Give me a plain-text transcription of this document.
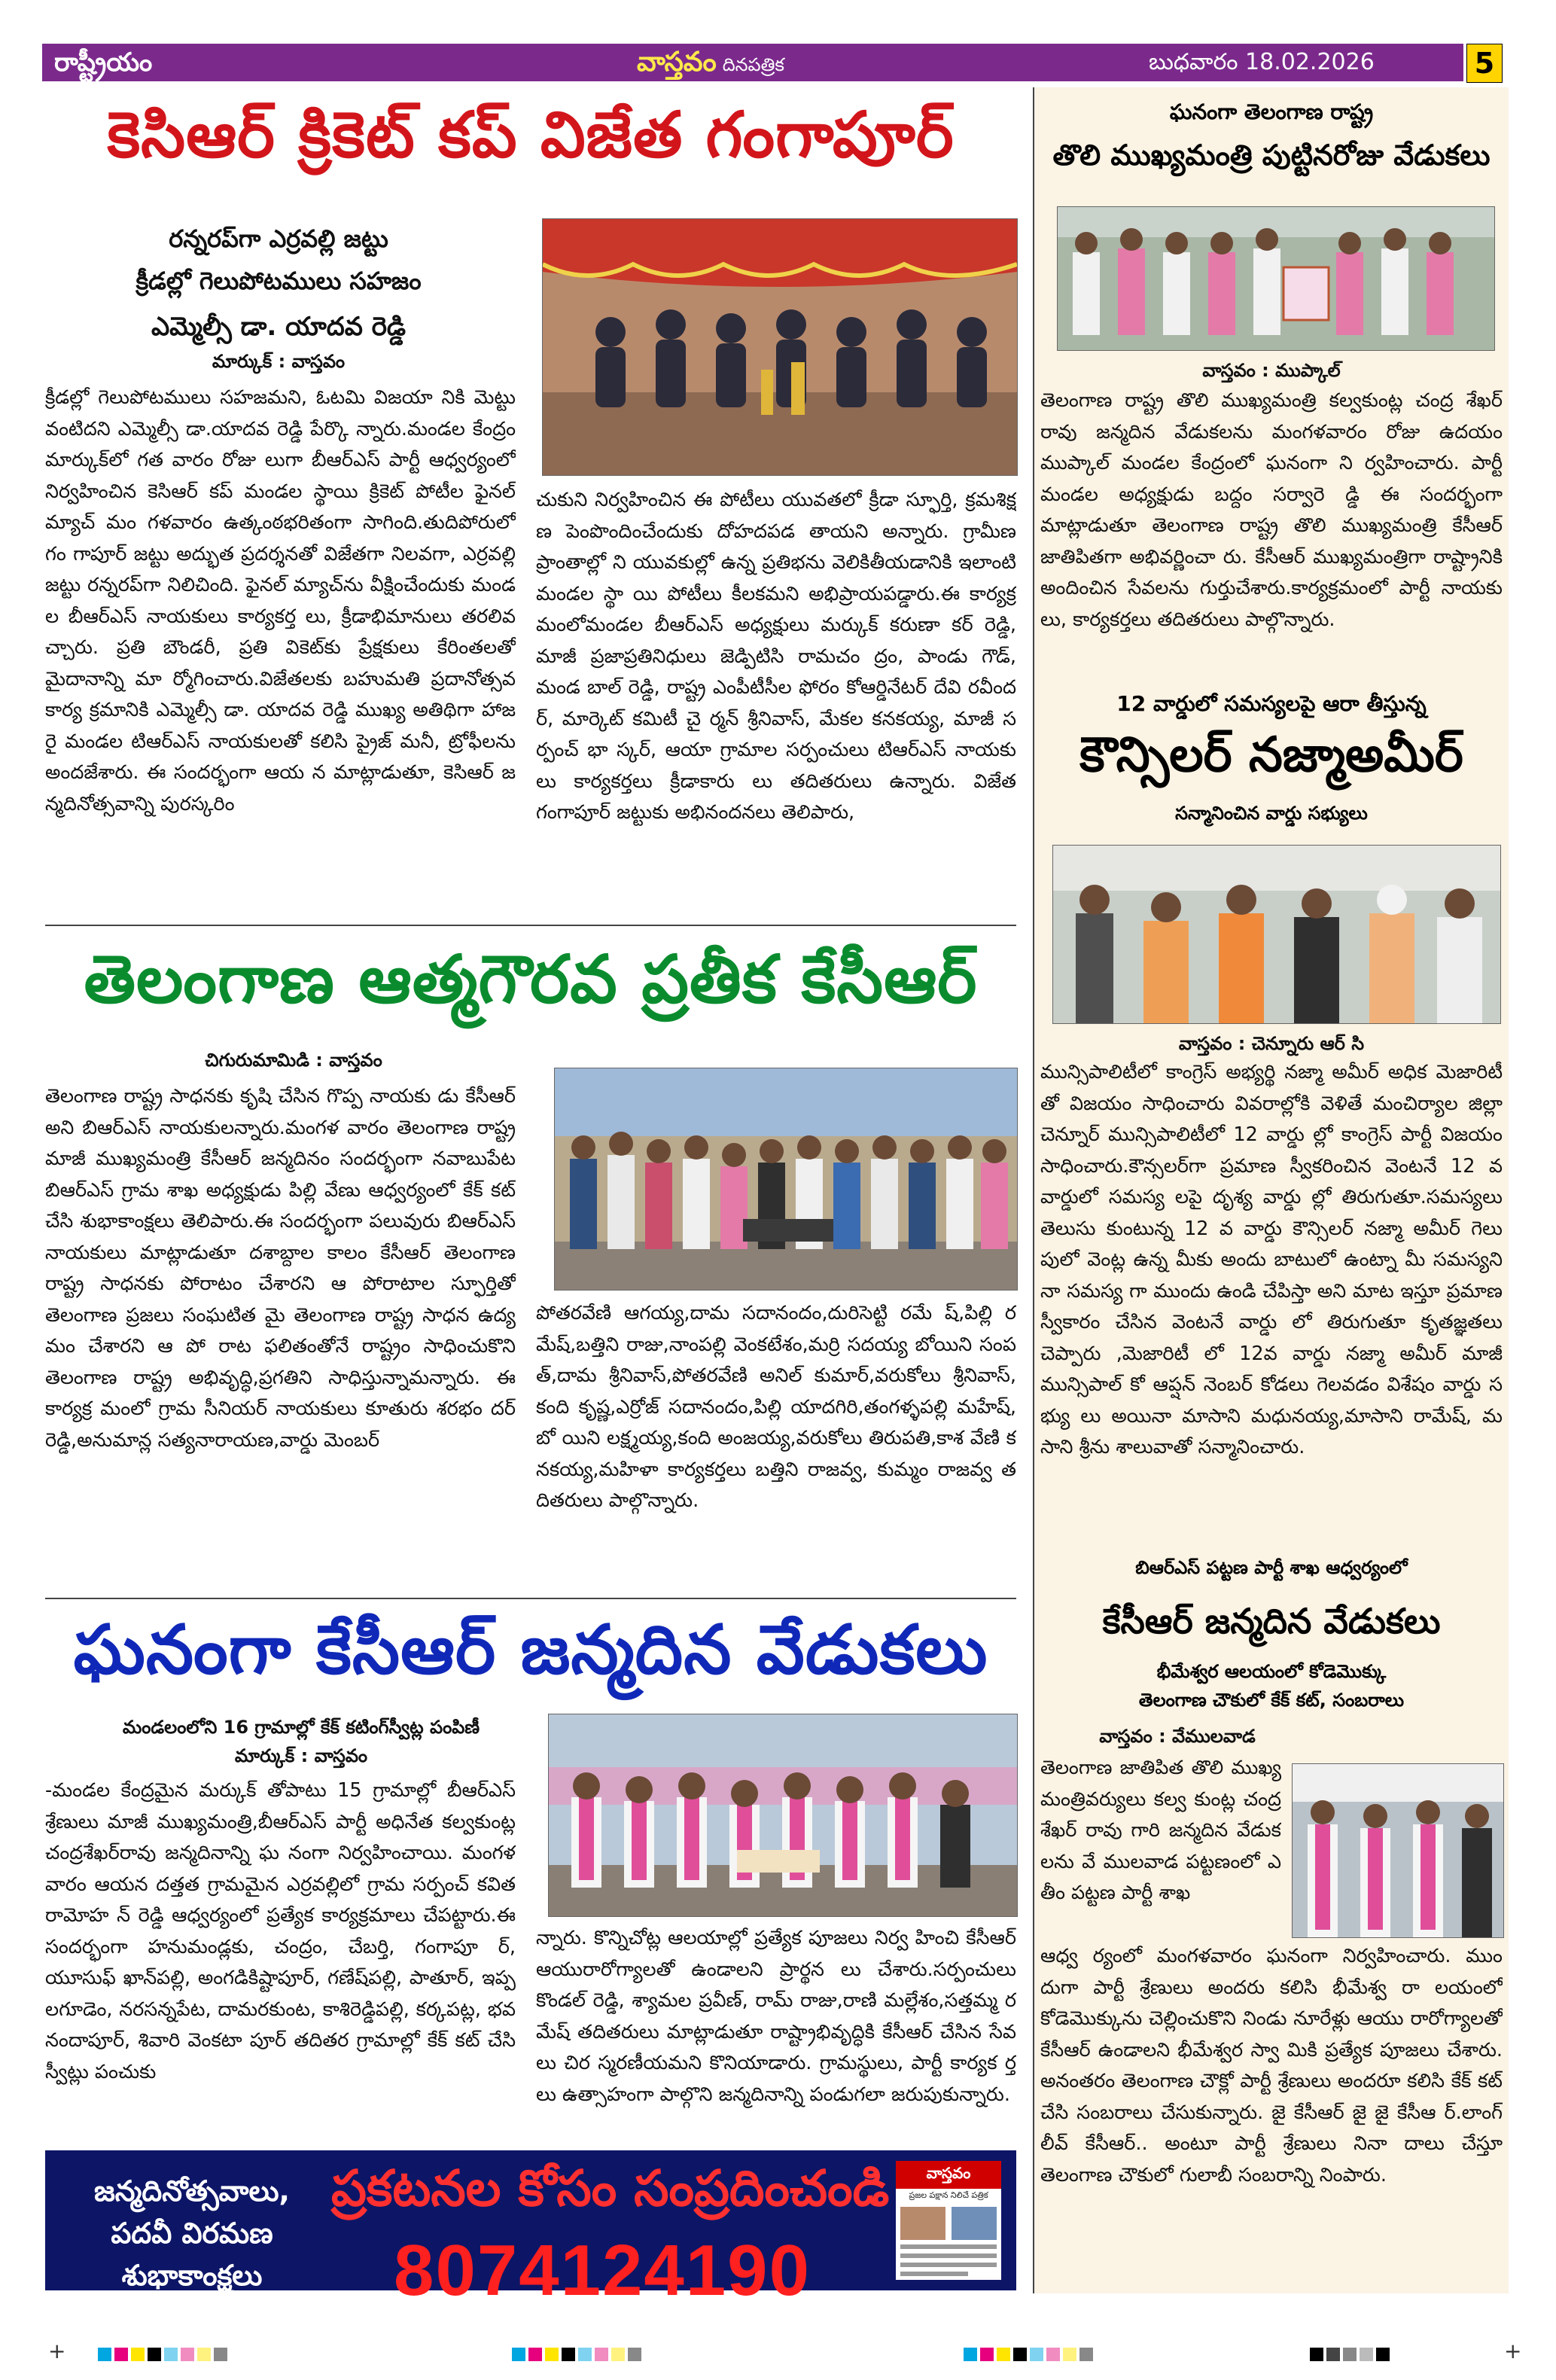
రాష్ట్రీయం	వాస్తవం దినపత్రిక	బుధవారం 18.02.2026	5
కెసిఆర్ క్రికెట్ కప్ విజేత గంగాపూర్
రన్నరప్‌గా ఎర్రవల్లి జట్టు
క్రీడల్లో గెలుపోటములు సహజం
ఎమ్మెల్సీ డా. యాదవ రెడ్డి
మార్కుక్ : వాస్తవం
క్రీడల్లో గెలుపోటములు సహజమని, ఓటమి విజయా నికి మెట్టు వంటిదని ఎమ్మెల్సీ డా.యాదవ రెడ్డి పేర్కొ న్నారు.మండల కేంద్రం మార్కుక్‌లో గత వారం రోజు లుగా బీఆర్ఎస్ పార్టీ ఆధ్వర్యంలో నిర్వహించిన కెసిఆర్ కప్ మండల స్థాయి క్రికెట్ పోటీల ఫైనల్ మ్యాచ్ మం గళవారం ఉత్కంఠభరితంగా సాగింది.తుదిపోరులో గం గాపూర్ జట్టు అద్భుత ప్రదర్శనతో విజేతగా నిలవగా, ఎర్రవల్లి జట్టు రన్నరప్‌గా నిలిచింది. ఫైనల్ మ్యాచ్‌ను వీక్షించేందుకు మండల బీఆర్ఎస్ నాయకులు కార్యకర్త లు, క్రీడాభిమానులు తరలివచ్చారు. ప్రతి బౌండరీ, ప్రతి వికెట్‌కు ప్రేక్షకులు కేరింతలతో మైదానాన్ని మా ర్మోగించారు.విజేతలకు బహుమతి ప్రదానోత్సవ కార్య క్రమానికి ఎమ్మెల్సీ డా. యాదవ రెడ్డి ముఖ్య అతిథిగా హాజరై మండల టిఆర్ఎస్ నాయకులతో కలిసి ప్రైజ్ మనీ, ట్రోఫీలను అందజేశారు. ఈ సందర్భంగా ఆయ న మాట్లాడుతూ, కెసిఆర్ జన్మదినోత్సవాన్ని పురస్కరిం
చుకుని నిర్వహించిన ఈ పోటీలు యువతలో క్రీడా స్ఫూర్తి, క్రమశిక్షణ పెంపొందించేందుకు దోహదపడ తాయని అన్నారు. గ్రామీణ ప్రాంతాల్లో ని యువకుల్లో ఉన్న ప్రతిభను వెలికితీయడానికి ఇలాంటి మండల స్థా యి పోటీలు కీలకమని అభిప్రాయపడ్డారు.ఈ కార్యక్ర మంలోమండల బీఆర్ఎస్ అధ్యక్షులు మర్కుక్ కరుణా కర్ రెడ్డి, మాజీ ప్రజాప్రతినిధులు జెడ్పిటిసి రామచం ద్రం, పాండు గౌడ్, మండ బాల్ రెడ్డి, రాష్ట్ర ఎంపీటీసీల ఫోరం కోఆర్డినేటర్ దేవి రవీందర్, మార్కెట్ కమిటీ చై ర్మన్ శ్రీనివాస్, మేకల కనకయ్య, మాజీ సర్పంచ్ భా స్కర్, ఆయా గ్రామాల సర్పంచులు టిఆర్ఎస్ నాయకు లు కార్యకర్తలు క్రీడాకారు లు తదితరులు ఉన్నారు. విజేత గంగాపూర్ జట్టుకు అభినందనలు తెలిపారు,
తెలంగాణ ఆత్మగౌరవ ప్రతీక కేసీఆర్
చిగురుమామిడి : వాస్తవం
తెలంగాణ రాష్ట్ర సాధనకు కృషి చేసిన గొప్ప నాయకు డు కేసీఆర్ అని బిఆర్ఎస్ నాయకులన్నారు.మంగళ వారం తెలంగాణ రాష్ట్ర మాజీ ముఖ్యమంత్రి కేసీఆర్ జన్మదినం సందర్భంగా నవాబుపేట బిఆర్ఎస్ గ్రామ శాఖ అధ్యక్షుడు పిల్లి వేణు ఆధ్వర్యంలో కేక్ కట్ చేసి శుభాకాంక్షలు తెలిపారు.ఈ సందర్భంగా పలువురు బిఆర్ఎస్ నాయకులు మాట్లాడుతూ దశాబ్దాల కాలం కేసీఆర్ తెలంగాణ రాష్ట్ర సాధనకు పోరాటం చేశారని ఆ పోరాటాల స్ఫూర్తితో తెలంగాణ ప్రజలు సంఘటిత మై తెలంగాణ రాష్ట్ర సాధన ఉద్యమం చేశారని ఆ పో రాట ఫలితంతోనే రాష్ట్రం సాధించుకొని తెలంగాణ రాష్ట్ర అభివృద్ధి,ప్రగతిని సాధిస్తున్నామన్నారు. ఈ కార్యక్ర మంలో గ్రామ సీనియర్ నాయకులు కూతురు శరభం దర్ రెడ్డి,అనుమాన్ల సత్యనారాయణ,వార్డు మెంబర్
పోతరవేణి ఆగయ్య,దామ సదానందం,దురిసెట్టి రమే ష్,పిల్లి రమేష్,బత్తిని రాజు,నాంపల్లి వెంకటేశం,మర్రి సదయ్య బోయిని సంపత్,దామ శ్రీనివాస్,పోతరవేణి అనిల్ కుమార్,వరుకోలు శ్రీనివాస్,కంది కృష్ణ,ఎర్రోజ్ సదానందం,పిల్లి యాదగిరి,తంగళ్ళపల్లి మహేష్,బో యిని లక్ష్మయ్య,కంది అంజయ్య,వరుకోలు తిరుపతి,కాశ వేణి కనకయ్య,మహిళా కార్యకర్తలు బత్తిని రాజవ్వ, కుమ్మం రాజవ్వ తదితరులు పాల్గొన్నారు.
ఘనంగా కేసీఆర్ జన్మదిన వేడుకలు
మండలంలోని 16 గ్రామాల్లో కేక్ కటింగ్‌స్వీట్ల పంపిణీ
మార్కుక్ : వాస్తవం
-మండల కేంద్రమైన మర్కుక్ తోపాటు 15 గ్రామాల్లో బీఆర్ఎస్ శ్రేణులు మాజీ ముఖ్యమంత్రి,బీఆర్ఎస్ పార్టీ అధినేత కల్వకుంట్ల చంద్రశేఖర్‌రావు జన్మదినాన్ని ఘ నంగా నిర్వహించాయి. మంగళవారం ఆయన దత్తత గ్రామమైన ఎర్రవల్లిలో గ్రామ సర్పంచ్ కవిత రామోహ న్ రెడ్డి ఆధ్వర్యంలో ప్రత్యేక కార్యక్రమాలు చేపట్టారు.ఈ సందర్భంగా హనుమండ్లకు, చంద్రం, చేబర్తి, గంగాపూ ర్, యూసుఫ్ ఖాన్‌పల్లి, అంగడికిష్టాపూర్, గణేష్‌పల్లి, పాతూర్, ఇప్పలగూడెం, నరసన్నపేట, దామరకుంట, కాశిరెడ్డిపల్లి, కర్కపట్ల, భవనందాపూర్, శివారి వెంకటా పూర్ తదితర గ్రామాల్లో కేక్ కట్ చేసి స్వీట్లు పంచుకు
న్నారు. కొన్నిచోట్ల ఆలయాల్లో ప్రత్యేక పూజలు నిర్వ హించి కేసీఆర్ ఆయురారోగ్యాలతో ఉండాలని ప్రార్థన లు చేశారు.సర్పంచులు కొండల్ రెడ్డి, శ్యామల ప్రవీణ్, రామ్ రాజు,రాణి మల్లేశం,సత్తమ్మ రమేష్ తదితరులు మాట్లాడుతూ రాష్ట్రాభివృద్ధికి కేసీఆర్ చేసిన సేవలు చిర స్మరణీయమని కొనియాడారు. గ్రామస్థులు, పార్టీ కార్యక ర్తలు ఉత్సాహంగా పాల్గొని జన్మదినాన్ని పండుగలా జరుపుకున్నారు.
ఘనంగా తెలంగాణ రాష్ట్ర
తొలి ముఖ్యమంత్రి పుట్టినరోజు వేడుకలు
వాస్తవం : ముప్కాల్
తెలంగాణ రాష్ట్ర తొలి ముఖ్యమంత్రి కల్వకుంట్ల చంద్ర శేఖర్ రావు జన్మదిన వేడుకలను మంగళవారం రోజు ఉదయం ముప్కాల్ మండల కేంద్రంలో ఘనంగా ని ర్వహించారు. పార్టీ మండల అధ్యక్షుడు బద్దం సర్వారె డ్డి ఈ సందర్భంగా మాట్లాడుతూ తెలంగాణ రాష్ట్ర తొలి ముఖ్యమంత్రి కేసీఆర్ జాతిపితగా అభివర్ణించా రు. కేసీఆర్ ముఖ్యమంత్రిగా రాష్ట్రానికి అందించిన సేవలను గుర్తుచేశారు.కార్యక్రమంలో పార్టీ నాయకు లు, కార్యకర్తలు తదితరులు పాల్గొన్నారు.
12 వార్డులో సమస్యలపై ఆరా తీస్తున్న
కౌన్సిలర్ నజ్మాఅమీర్
సన్మానించిన వార్డు సభ్యులు
వాస్తవం : చెన్నూరు ఆర్ సి
మున్సిపాలిటీలో కాంగ్రెస్ అభ్యర్థి నజ్మా అమీర్ అధిక మెజారిటీ తో విజయం సాధించారు వివరాల్లోకి వెళితే మంచిర్యాల జిల్లా చెన్నూర్ మున్సిపాలిటీలో 12 వార్డు ల్లో కాంగ్రెస్ పార్టీ విజయం సాధించారు.కౌన్సలర్‌గా ప్రమాణ స్వీకరించిన వెంటనే 12 వ వార్డులో సమస్య లపై దృశ్య వార్డు ల్లో తిరుగుతూ.సమస్యలు తెలుసు కుంటున్న 12 వ వార్డు కౌన్సిలర్ నజ్మా అమీర్ గెలు పులో వెంట్ల ఉన్న మీకు అందు బాటులో ఉంట్నా మీ సమస్యని నా సమస్య గా ముందు ఉండి చేపిస్తా అని మాట ఇస్తూ ప్రమాణ స్వీకారం చేసిన వెంటనే వార్డు లో తిరుగుతూ కృతజ్ఞతలు చెప్పారు ,మెజారిటీ లో 12వ వార్డు నజ్మా అమీర్ మాజీ మున్సిపాల్ కో ఆప్షన్ నెంబర్ కోడలు గెలవడం విశేషం వార్డు సభ్యు లు అయినా మాసాని మధునయ్య,మాసాని రామేష్, మసాని శ్రీను శాలువాతో సన్మానించారు.
బిఆర్ఎస్ పట్టణ పార్టీ శాఖ ఆధ్వర్యంలో
కేసీఆర్ జన్మదిన వేడుకలు
భీమేశ్వర ఆలయంలో కోడెమొక్కు
తెలంగాణ చౌకులో కేక్ కట్, సంబరాలు
వాస్తవం : వేములవాడ
తెలంగాణ జాతిపిత తొలి ముఖ్యమంత్రివర్యులు కల్వ కుంట్ల చంద్రశేఖర్ రావు గారి జన్మదిన వేడుకలను వే ములవాడ పట్టణంలో ఎతీం పట్టణ పార్టీ శాఖ
ఆధ్వ ర్యంలో మంగళవారం ఘనంగా నిర్వహించారు. ముం దుగా పార్టీ శ్రేణులు అందరు కలిసి భీమేశ్వ రా లయంలో కోడెమొక్కును చెల్లించుకొని నిండు నూరేళ్లు ఆయు రారోగ్యాలతో కేసీఆర్ ఉండాలని భీమేశ్వర స్వా మికి ప్రత్యేక పూజలు చేశారు. అనంతరం తెలంగాణ చౌక్లో పార్టీ శ్రేణులు అందరూ కలిసి కేక్ కట్ చేసి సంబరాలు చేసుకున్నారు. జై కేసీఆర్ జై జై కేసీఆ ర్.లాంగ్ లీవ్ కేసీఆర్.. అంటూ పార్టీ శ్రేణులు నినా దాలు చేస్తూ తెలంగాణ చౌకులో గులాబీ సంబరాన్ని నింపారు.
జన్మదినోత్సవాలు,
పదవీ విరమణ
శుభాకాంక్షలు
ప్రకటనల కోసం సంప్రదించండి
8074124190
వాస్తవం
ప్రజల పక్షాన నిలిచే పత్రిక
+	+
